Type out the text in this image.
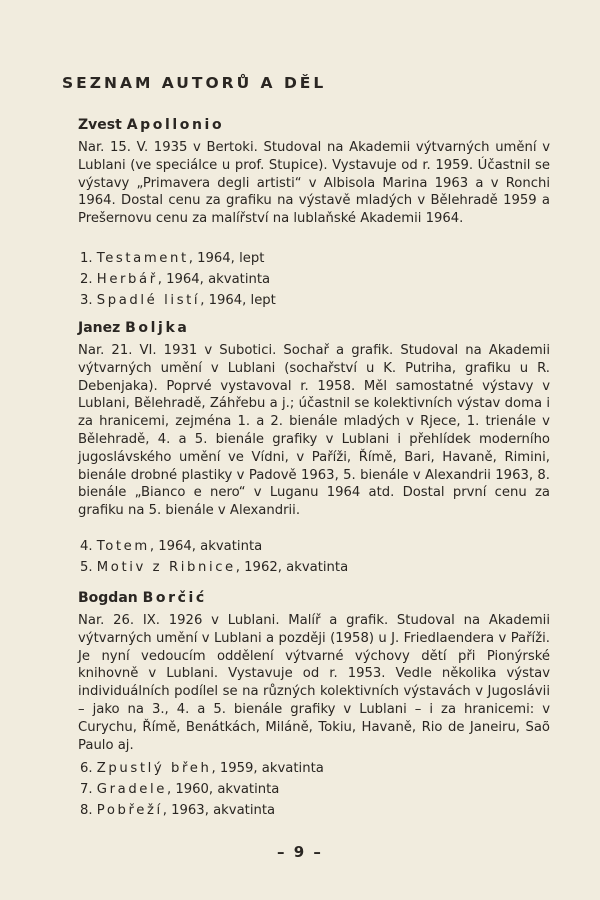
SEZNAM AUTORŮ A DĚL
Zvest Apollonio
Nar. 15. V. 1935 v Bertoki. Studoval na Akademii výtvarných umění v Lublani (ve speciálce u prof. Stupice). Vystavuje od r. 1959. Účastnil se výstavy „Primavera degli artisti“ v Albisola Marina 1963 a v Ronchi 1964. Dostal cenu za grafiku na výstavě mladých v Bělehradě 1959 a Prešernovu cenu za malířství na lublaňské Akademii 1964.
1. Testament, 1964, lept
2. Herbář, 1964, akvatinta
3. Spadlé listí, 1964, lept
Janez Boljka
Nar. 21. VI. 1931 v Subotici. Sochař a grafik. Studoval na Akademii výtvarných umění v Lublani (sochařství u K. Putriha, grafiku u R. Debenjaka). Poprvé vystavoval r. 1958. Měl samostatné výstavy v Lublani, Bělehradě, Záhřebu a j.; účastnil se kolektivních výstav doma i za hranicemi, zejména 1. a 2. bienále mladých v Rjece, 1. trienále v Bělehradě, 4. a 5. bienále grafiky v Lublani i přehlídek moderního jugoslávského umění ve Vídni, v Paříži, Římě, Bari, Havaně, Rimini, bienále drobné plastiky v Padově 1963, 5. bienále v Alexandrii 1963, 8. bienále „Bianco e nero“ v Luganu 1964 atd. Dostal první cenu za grafiku na 5. bienále v Alexandrii.
4. Totem, 1964, akvatinta
5. Motiv z Ribnice, 1962, akvatinta
Bogdan Borčić
Nar. 26. IX. 1926 v Lublani. Malíř a grafik. Studoval na Akademii výtvarných umění v Lublani a později (1958) u J. Friedlaendera v Paříži. Je nyní vedoucím oddělení výtvarné výchovy dětí při Pionýrské knihovně v Lublani. Vystavuje od r. 1953. Vedle několika výstav individuálních podílel se na různých kolektivních výstavách v Jugoslávii – jako na 3., 4. a 5. bienále grafiky v Lublani – i za hranicemi: v Curychu, Římě, Benátkách, Miláně, Tokiu, Havaně, Rio de Janeiru, Saõ Paulo aj.
6. Zpustlý břeh, 1959, akvatinta
7. Gradele, 1960, akvatinta
8. Pobřeží, 1963, akvatinta
– 9 –
